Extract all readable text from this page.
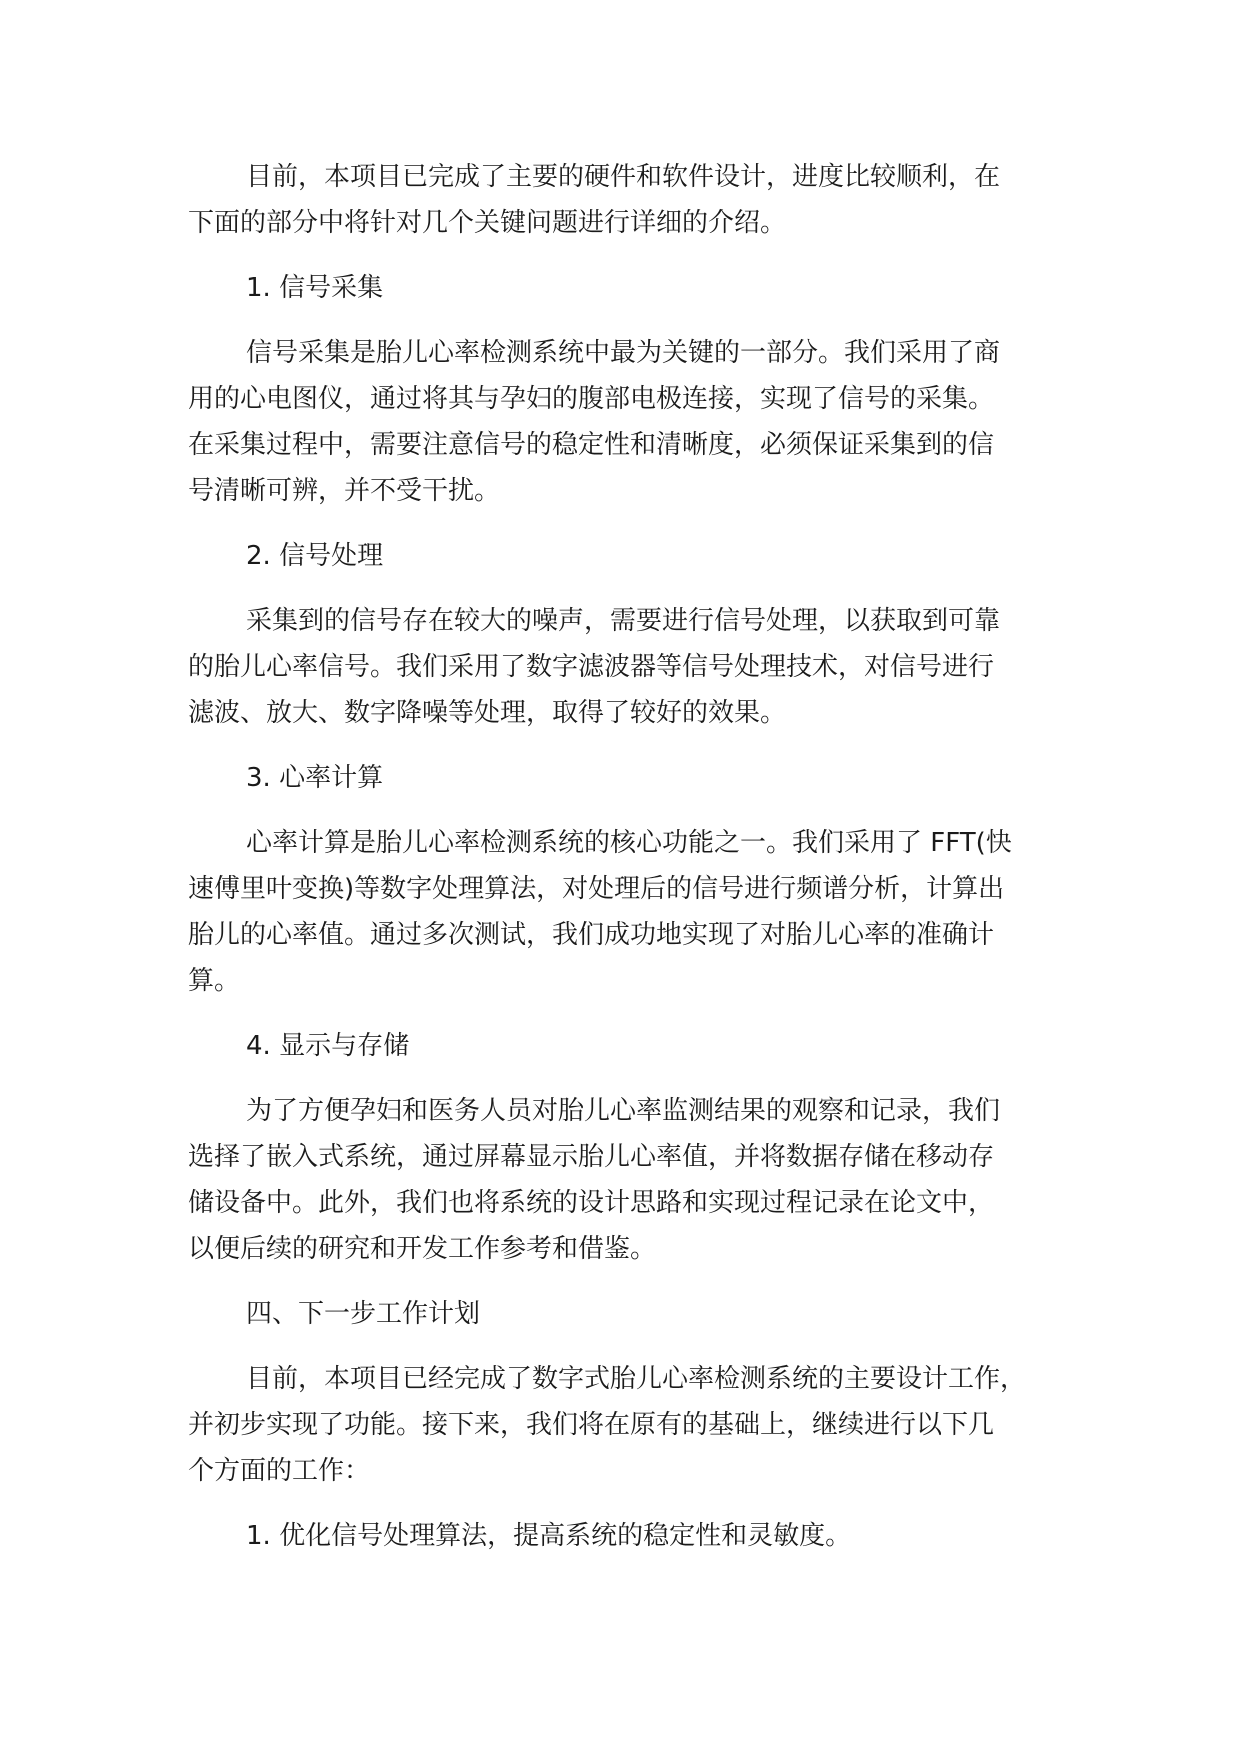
目前，本项目已完成了主要的硬件和软件设计，进度比较顺利，在
下面的部分中将针对几个关键问题进行详细的介绍。
1. 信号采集
信号采集是胎儿心率检测系统中最为关键的一部分。我们采用了商
用的心电图仪，通过将其与孕妇的腹部电极连接，实现了信号的采集。
在采集过程中，需要注意信号的稳定性和清晰度，必须保证采集到的信
号清晰可辨，并不受干扰。
2. 信号处理
采集到的信号存在较大的噪声，需要进行信号处理，以获取到可靠
的胎儿心率信号。我们采用了数字滤波器等信号处理技术，对信号进行
滤波、放大、数字降噪等处理，取得了较好的效果。
3. 心率计算
心率计算是胎儿心率检测系统的核心功能之一。我们采用了 FFT(快
速傅里叶变换)等数字处理算法，对处理后的信号进行频谱分析，计算出
胎儿的心率值。通过多次测试，我们成功地实现了对胎儿心率的准确计
算。
4. 显示与存储
为了方便孕妇和医务人员对胎儿心率监测结果的观察和记录，我们
选择了嵌入式系统，通过屏幕显示胎儿心率值，并将数据存储在移动存
储设备中。此外，我们也将系统的设计思路和实现过程记录在论文中，
以便后续的研究和开发工作参考和借鉴。
四、下一步工作计划
目前，本项目已经完成了数字式胎儿心率检测系统的主要设计工作，
并初步实现了功能。接下来，我们将在原有的基础上，继续进行以下几
个方面的工作：
1. 优化信号处理算法，提高系统的稳定性和灵敏度。
